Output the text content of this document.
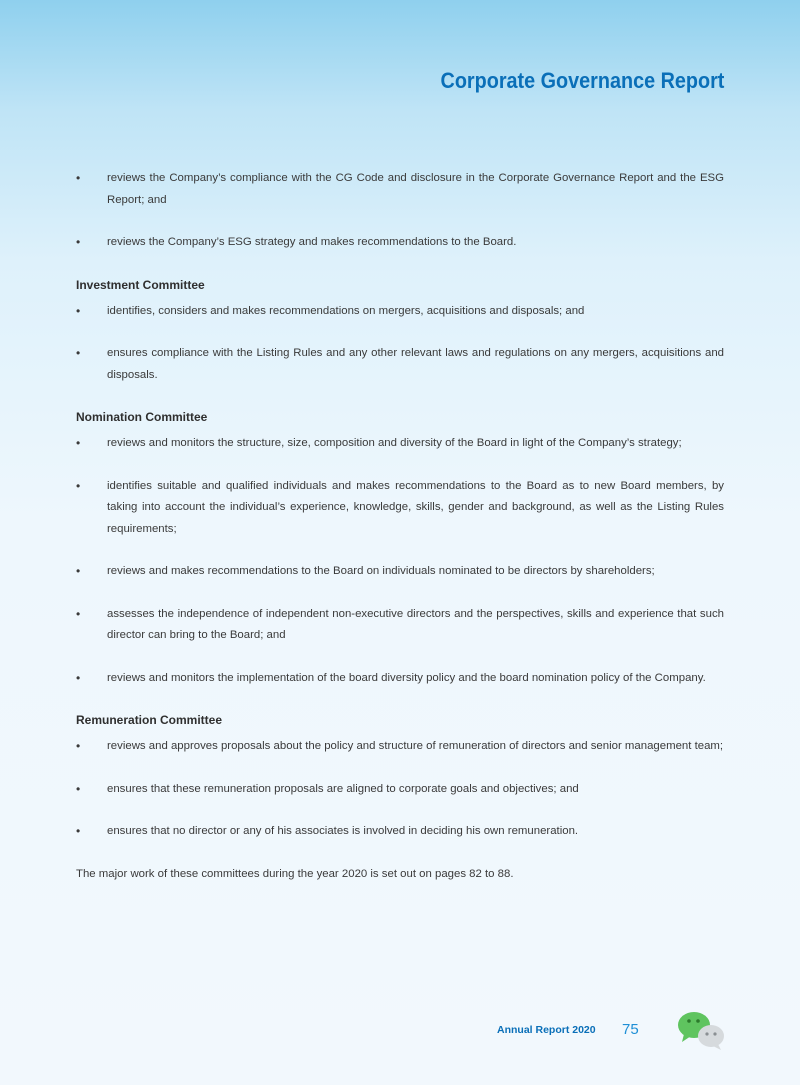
Corporate Governance Report
• reviews the Company’s compliance with the CG Code and disclosure in the Corporate Governance Report and the ESG Report; and
• reviews the Company’s ESG strategy and makes recommendations to the Board.
Investment Committee
• identifies, considers and makes recommendations on mergers, acquisitions and disposals; and
• ensures compliance with the Listing Rules and any other relevant laws and regulations on any mergers, acquisitions and disposals.
Nomination Committee
• reviews and monitors the structure, size, composition and diversity of the Board in light of the Company’s strategy;
• identifies suitable and qualified individuals and makes recommendations to the Board as to new Board members, by taking into account the individual’s experience, knowledge, skills, gender and background, as well as the Listing Rules requirements;
• reviews and makes recommendations to the Board on individuals nominated to be directors by shareholders;
• assesses the independence of independent non-executive directors and the perspectives, skills and experience that such director can bring to the Board; and
• reviews and monitors the implementation of the board diversity policy and the board nomination policy of the Company.
Remuneration Committee
• reviews and approves proposals about the policy and structure of remuneration of directors and senior management team;
• ensures that these remuneration proposals are aligned to corporate goals and objectives; and
• ensures that no director or any of his associates is involved in deciding his own remuneration.
The major work of these committees during the year 2020 is set out on pages 82 to 88.
Annual Report 2020 75
